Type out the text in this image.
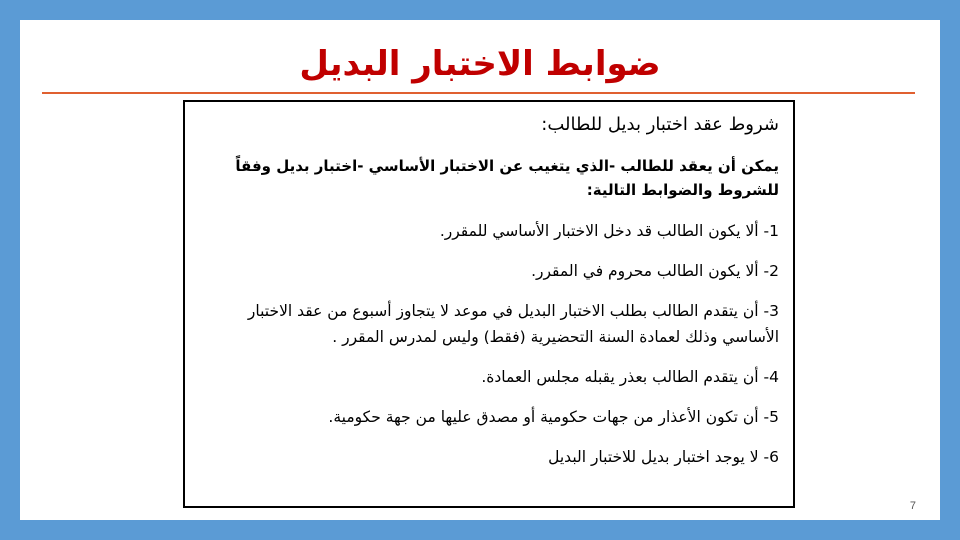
ضوابط الاختبار البديل
شروط عقد اختبار بديل للطالب:
يمكن أن يعقد للطالب -الذي يتغيب عن الاختبار الأساسي -اختبار بديل وفقاً للشروط والضوابط التالية:
1- ألا يكون الطالب قد دخل الاختبار الأساسي للمقرر.
2- ألا يكون الطالب محروم في المقرر.
3- أن يتقدم الطالب بطلب الاختبار البديل في موعد لا يتجاوز أسبوع من عقد الاختبار الأساسي وذلك لعمادة السنة التحضيرية (فقط) وليس لمدرس المقرر .
4- أن يتقدم الطالب بعذر يقبله مجلس العمادة.
5- أن تكون الأعذار من جهات حكومية أو مصدق عليها من جهة حكومية.
6- لا يوجد اختبار بديل للاختبار البديل
7
